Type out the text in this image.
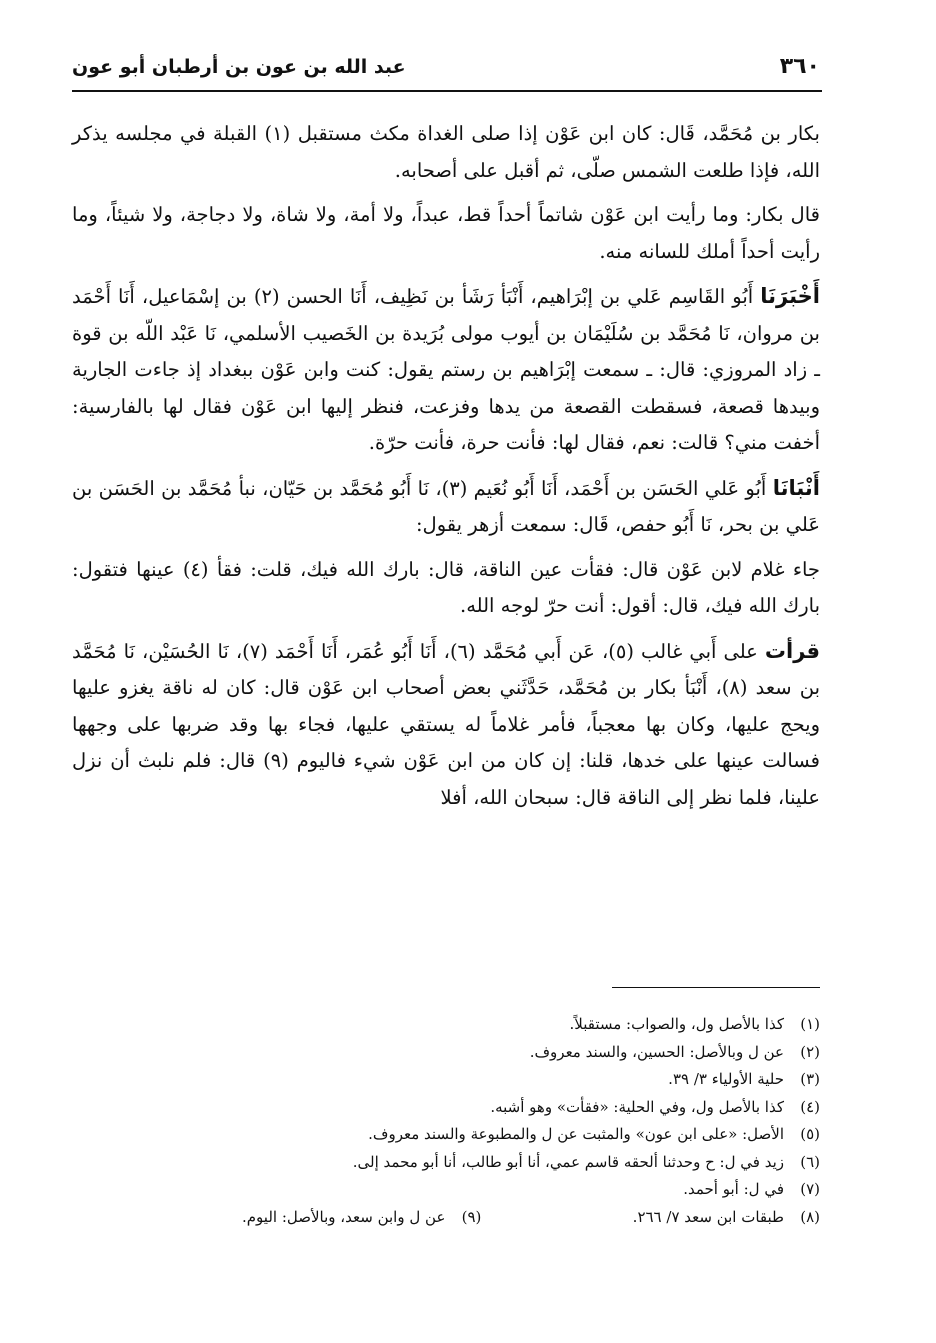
٣٦٠
عبد الله بن عون بن أرطبان أبو عون

بكار بن مُحَمَّد، قَال: كان ابن عَوْن إذا صلى الغداة مكث مستقبل (١) القبلة في مجلسه يذكر الله، فإذا طلعت الشمس صلّى، ثم أقبل على أصحابه.

قال بكار: وما رأيت ابن عَوْن شاتماً أحداً قط، عبداً، ولا أمة، ولا شاة، ولا دجاجة، ولا شيئاً، وما رأيت أحداً أملك للسانه منه.

أَخْبَرَنَا أَبُو القَاسِم عَلي بن إبْرَاهيم، أَنْبَأ رَشَأ بن نَظِيف، أَنَا الحسن (٢) بن إسْمَاعيل، أَنَا أَحْمَد بن مروان، نَا مُحَمَّد بن سُلَيْمَان بن أيوب مولى بُرَيدة بن الخَصيب الأسلمي، نَا عَبْد اللّه بن قوة ـ زاد المروزي: قال: ـ سمعت إبْرَاهيم بن رستم يقول: كنت وابن عَوْن ببغداد إذ جاءت الجارية وبيدها قصعة، فسقطت القصعة من يدها وفزعت، فنظر إليها ابن عَوْن فقال لها بالفارسية: أخفت مني؟ قالت: نعم، فقال لها: فأنت حرة، فأنت حرّة.

أَنْبَانَا أَبُو عَلي الحَسَن بن أَحْمَد، أَنَا أَبُو نُعَيم (٣)، نَا أَبُو مُحَمَّد بن حَيّان، نبأ مُحَمَّد بن الحَسَن بن عَلي بن بحر، نَا أَبُو حفص، قَال: سمعت أزهر يقول:

جاء غلام لابن عَوْن قال: فقأت عين الناقة، قال: بارك الله فيك، قلت: فقأ (٤) عينها فتقول: بارك الله فيك، قال: أقول: أنت حرّ لوجه الله.

قرأت على أَبي غالب (٥)، عَن أَبي مُحَمَّد (٦)، أَنَا أَبُو عُمَر، أَنَا أَحْمَد (٧)، نَا الحُسَيْن، نَا مُحَمَّد بن سعد (٨)، أَنْبَأ بكار بن مُحَمَّد، حَدَّثَني بعض أصحاب ابن عَوْن قال: كان له ناقة يغزو عليها ويحج عليها، وكان بها معجباً، فأمر غلاماً له يستقي عليها، فجاء بها وقد ضربها على وجهها فسالت عينها على خدها، قلنا: إن كان من ابن عَوْن شيء فاليوم (٩) قال: فلم نلبث أن نزل علينا، فلما نظر إلى الناقة قال: سبحان الله، أفلا

(١)كذا بالأصل ول، والصواب: مستقبلاً.
(٢)عن ل وبالأصل: الحسين، والسند معروف.
(٣)حلية الأولياء ٣/ ٣٩.
(٤)كذا بالأصل ول، وفي الحلية: «فقأت» وهو أشبه.
(٥)الأصل: «على ابن عون» والمثبت عن ل والمطبوعة والسند معروف.
(٦)زيد في ل: ح وحدثنا ألحقه قاسم عمي، أنا أبو طالب، أنا أبو محمد إلى.
(٧)في ل: أبو أحمد.
(٨)طبقات ابن سعد ٧/ ٢٦٦.
(٩)عن ل وابن سعد، وبالأصل: اليوم.
